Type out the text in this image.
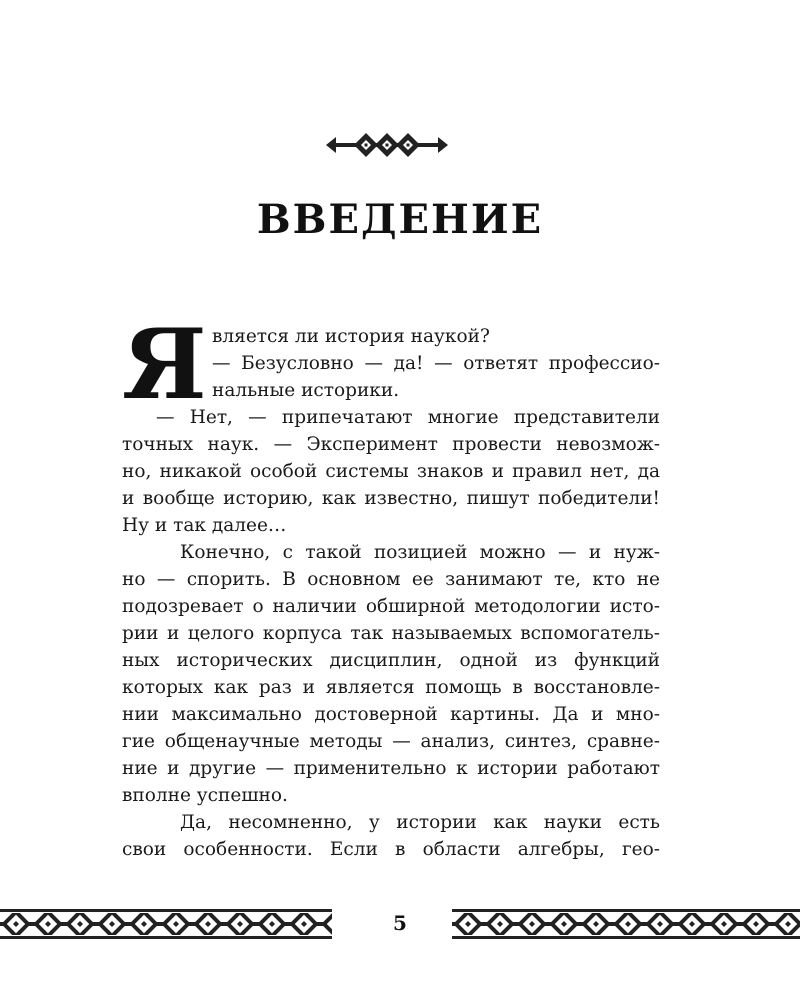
ВВЕДЕНИЕ
Я вляется ли история наукой?
— Безусловно — да! — ответят профессио-
нальные историки.
— Нет, — припечатают многие представители
точных наук. — Эксперимент провести невозмож-
но, никакой особой системы знаков и правил нет, да
и вообще историю, как известно, пишут победители!
Ну и так далее…
Конечно, с такой позицией можно — и нуж-
но — спорить. В основном ее занимают те, кто не
подозревает о наличии обширной методологии исто-
рии и целого корпуса так называемых вспомогатель-
ных исторических дисциплин, одной из функций
которых как раз и является помощь в восстановле-
нии максимально достоверной картины. Да и мно-
гие общенаучные методы — анализ, синтез, сравне-
ние и другие — применительно к истории работают
вполне успешно.
Да, несомненно, у истории как науки есть
свои особенности. Если в области алгебры, гео-
5
